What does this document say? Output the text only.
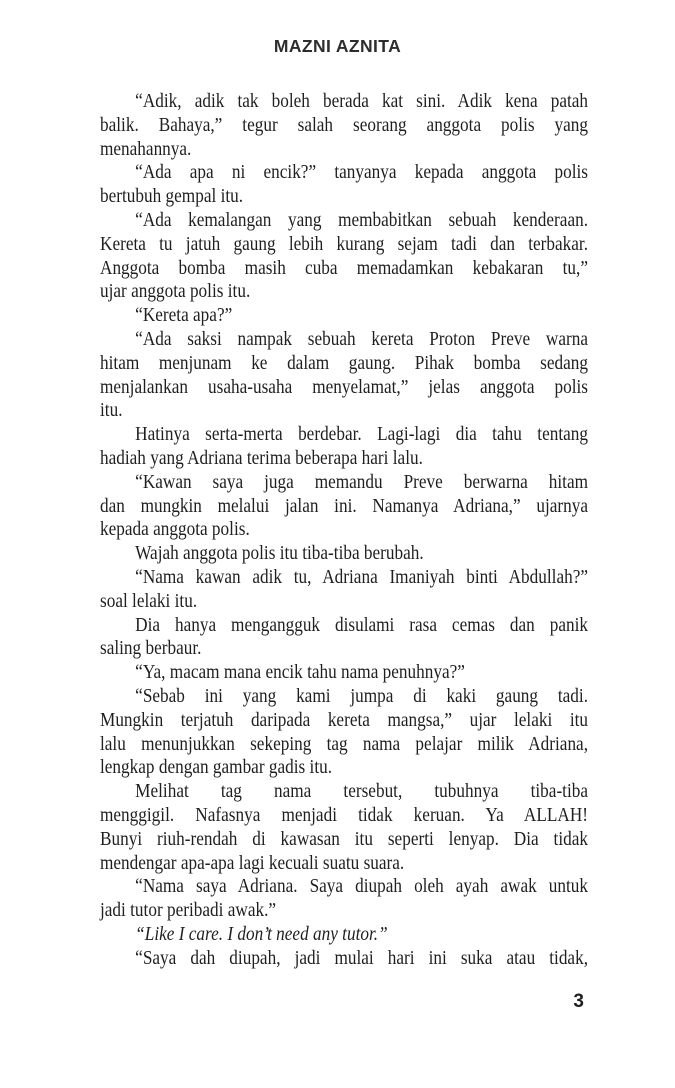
MAZNI AZNITA

“Adik, adik tak boleh berada kat sini. Adik kena patah
balik. Bahaya,” tegur salah seorang anggota polis yang
menahannya.

“Ada apa ni encik?” tanyanya kepada anggota polis
bertubuh gempal itu.

“Ada kemalangan yang membabitkan sebuah kenderaan.
Kereta tu jatuh gaung lebih kurang sejam tadi dan terbakar.
Anggota bomba masih cuba memadamkan kebakaran tu,”
ujar anggota polis itu.

“Kereta apa?”

“Ada saksi nampak sebuah kereta Proton Preve warna
hitam menjunam ke dalam gaung. Pihak bomba sedang
menjalankan usaha-usaha menyelamat,” jelas anggota polis
itu.

Hatinya serta-merta berdebar. Lagi-lagi dia tahu tentang
hadiah yang Adriana terima beberapa hari lalu.

“Kawan saya juga memandu Preve berwarna hitam
dan mungkin melalui jalan ini. Namanya Adriana,” ujarnya
kepada anggota polis.

Wajah anggota polis itu tiba-tiba berubah.

“Nama kawan adik tu, Adriana Imaniyah binti Abdullah?”
soal lelaki itu.

Dia hanya mengangguk disulami rasa cemas dan panik
saling berbaur.

“Ya, macam mana encik tahu nama penuhnya?”

“Sebab ini yang kami jumpa di kaki gaung tadi.
Mungkin terjatuh daripada kereta mangsa,” ujar lelaki itu
lalu menunjukkan sekeping tag nama pelajar milik Adriana,
lengkap dengan gambar gadis itu.

Melihat tag nama tersebut, tubuhnya tiba-tiba
menggigil. Nafasnya menjadi tidak keruan. Ya ALLAH!
Bunyi riuh-rendah di kawasan itu seperti lenyap. Dia tidak
mendengar apa-apa lagi kecuali suatu suara.

“Nama saya Adriana. Saya diupah oleh ayah awak untuk
jadi tutor peribadi awak.”

“Like I care. I don’t need any tutor.”

“Saya dah diupah, jadi mulai hari ini suka atau tidak,

3
